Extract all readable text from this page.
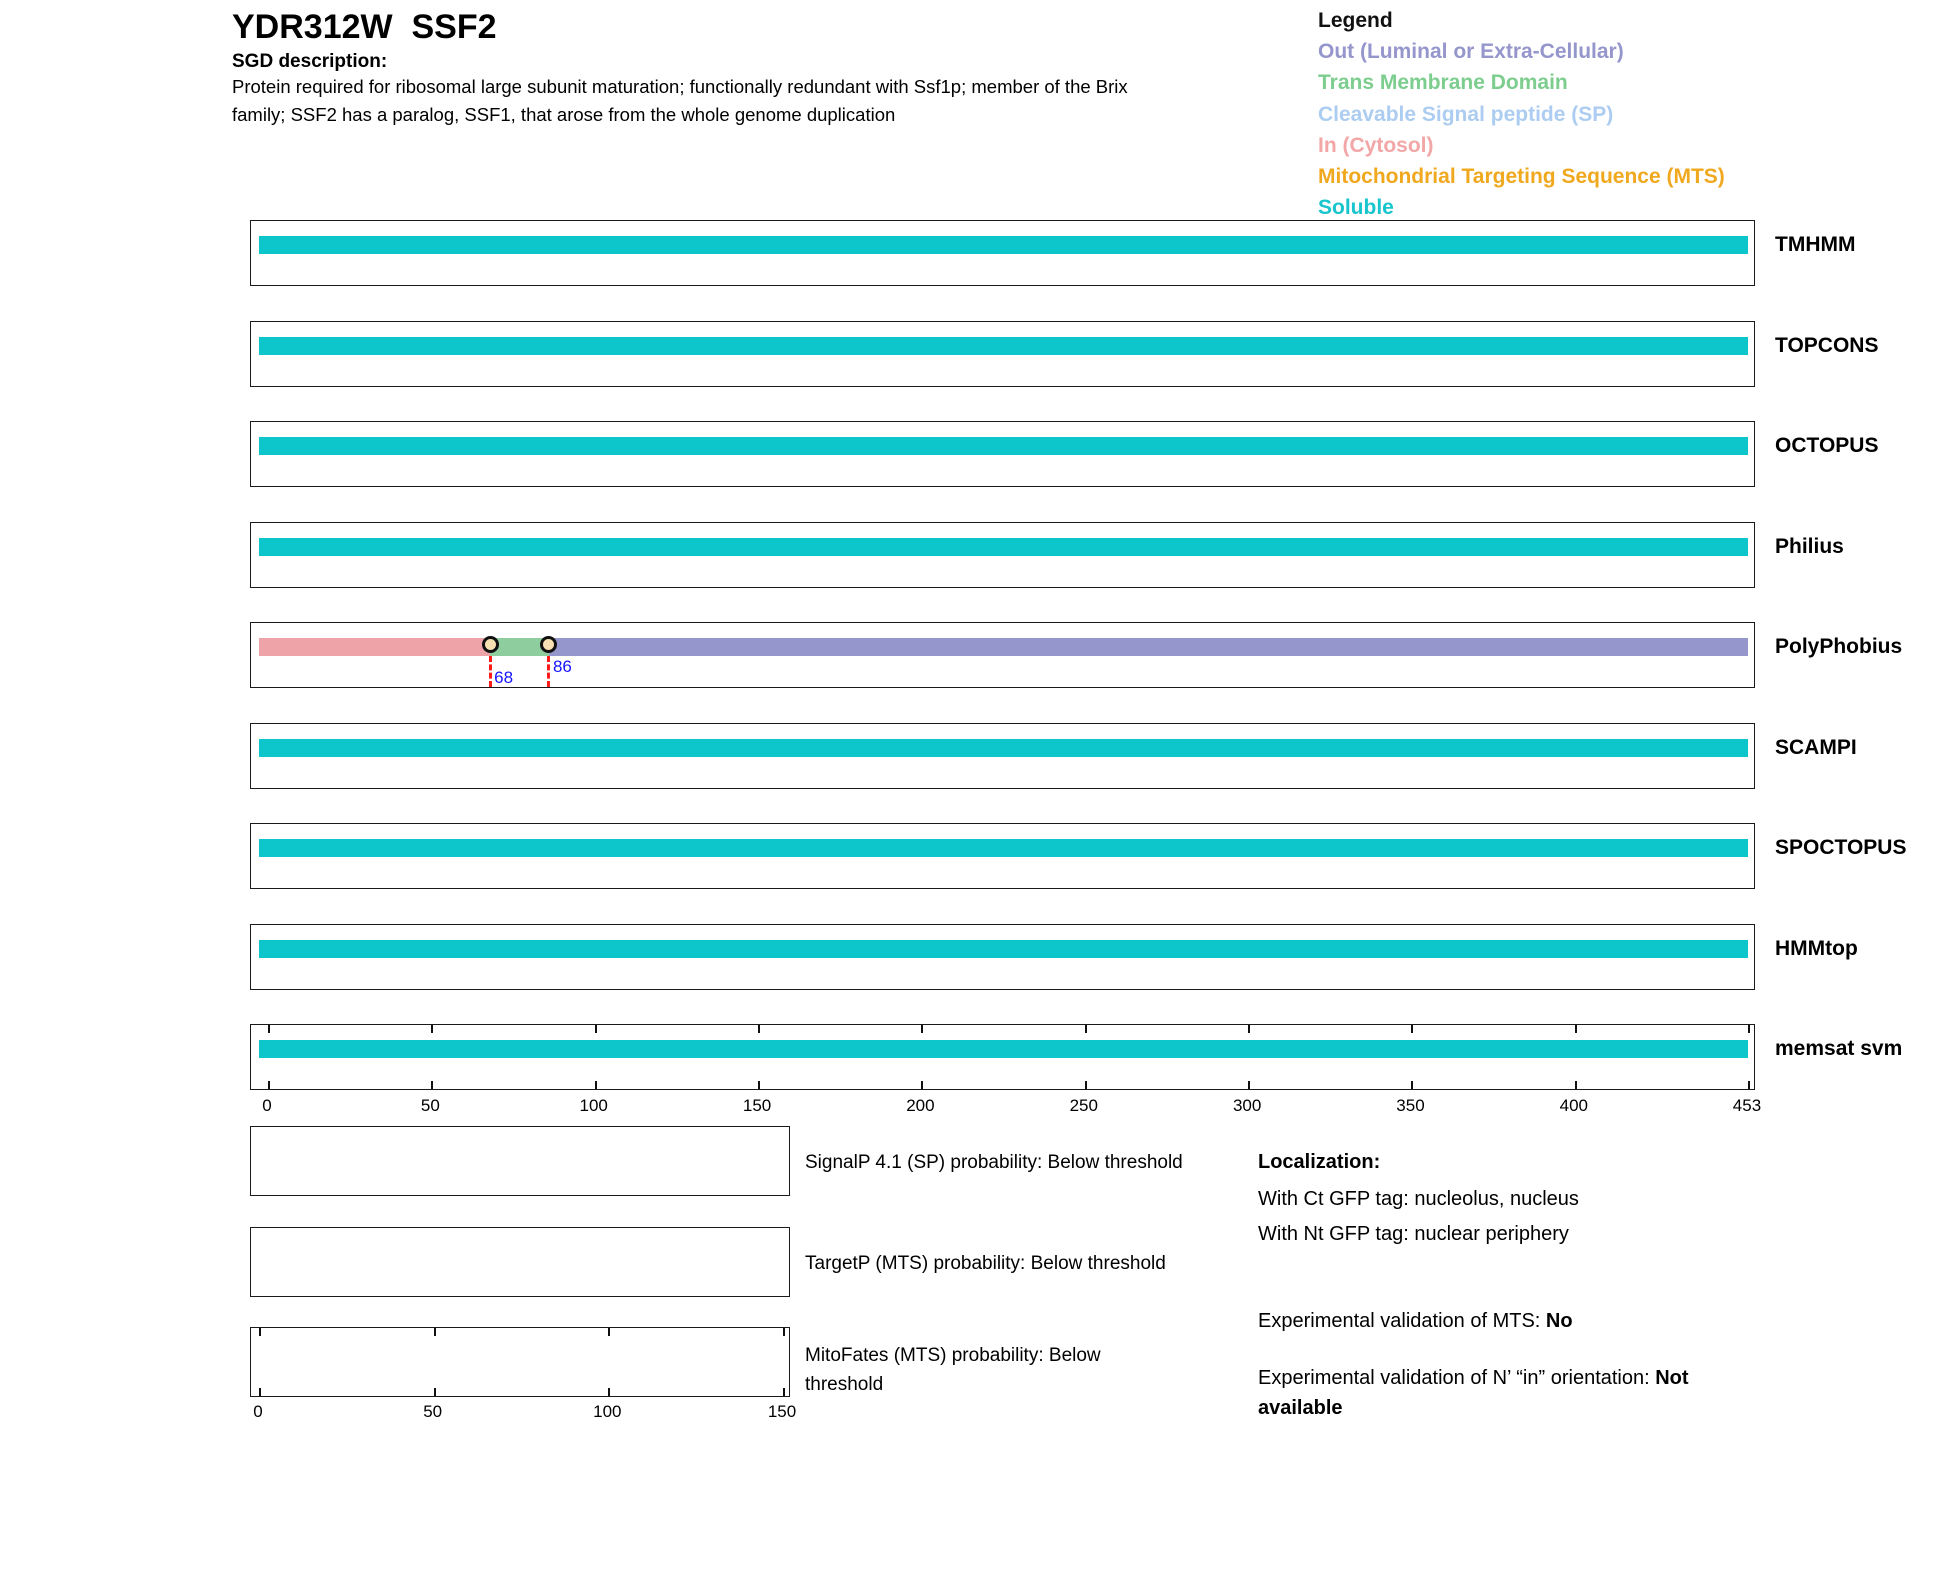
YDR312W  SSF2
SGD description:
Protein required for ribosomal large subunit maturation; functionally redundant with Ssf1p; member of the Brix
family; SSF2 has a paralog, SSF1, that arose from the whole genome duplication
Legend
Out (Luminal or Extra-Cellular)
Trans Membrane Domain
Cleavable Signal peptide (SP)
In (Cytosol)
Mitochondrial Targeting Sequence (MTS)
Soluble
TMHMM
TOPCONS
OCTOPUS
Philius
68
86
PolyPhobius
SCAMPI
SPOCTOPUS
HMMtop
memsat svm
0	50	100	150	200	250	300	350	400	453
SignalP 4.1 (SP) probability: Below threshold
TargetP (MTS) probability: Below threshold
0	50	100	150
MitoFates (MTS) probability: Below
threshold
Localization:
With Ct GFP tag: nucleolus, nucleus
With Nt GFP tag: nuclear periphery
Experimental validation of MTS: No
Experimental validation of N’ “in” orientation: Not available
